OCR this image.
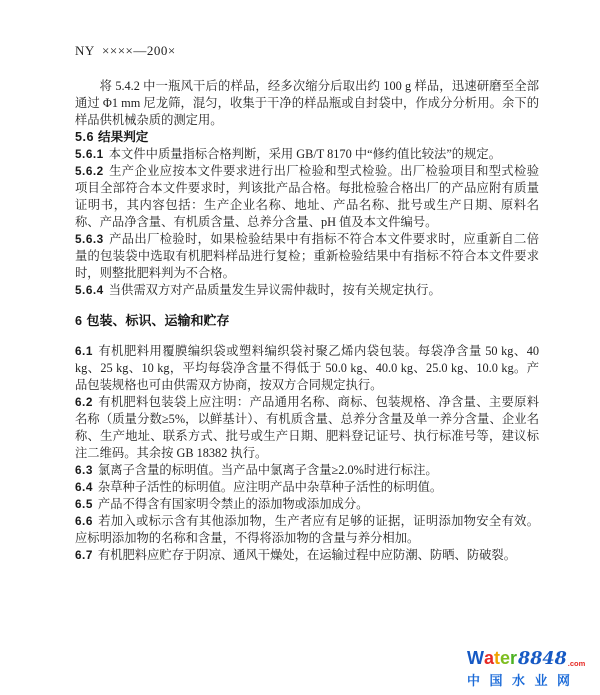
NY ××××—200×

将 5.4.2 中一瓶风干后的样品，经多次缩分后取出约 100 g 样品，迅速研磨至全部通过 Φ1 mm 尼龙筛，混匀，收集于干净的样品瓶或自封袋中，作成分分析用。余下的样品供机械杂质的测定用。

5.6 结果判定

5.6.1 本文件中质量指标合格判断，采用 GB/T 8170 中“修约值比较法”的规定。

5.6.2 生产企业应按本文件要求进行出厂检验和型式检验。出厂检验项目和型式检验项目全部符合本文件要求时，判该批产品合格。每批检验合格出厂的产品应附有质量证明书，其内容包括：生产企业名称、地址、产品名称、批号或生产日期、原料名称、产品净含量、有机质含量、总养分含量、pH 值及本文件编号。

5.6.3 产品出厂检验时，如果检验结果中有指标不符合本文件要求时，应重新自二倍量的包装袋中选取有机肥料样品进行复检；重新检验结果中有指标不符合本文件要求时，则整批肥料判为不合格。

5.6.4 当供需双方对产品质量发生异议需仲裁时，按有关规定执行。

6 包装、标识、运输和贮存

6.1 有机肥料用覆膜编织袋或塑料编织袋衬聚乙烯内袋包装。每袋净含量 50 kg、40 kg、25 kg、10 kg，平均每袋净含量不得低于 50.0 kg、40.0 kg、25.0 kg、10.0 kg。产品包装规格也可由供需双方协商，按双方合同规定执行。

6.2 有机肥料包装袋上应注明：产品通用名称、商标、包装规格、净含量、主要原料名称（质量分数≥5%，以鲜基计）、有机质含量、总养分含量及单一养分含量、企业名称、生产地址、联系方式、批号或生产日期、肥料登记证号、执行标准号等，建议标注二维码。其余按 GB 18382 执行。

6.3 氯离子含量的标明值。当产品中氯离子含量≥2.0%时进行标注。

6.4 杂草种子活性的标明值。应注明产品中杂草种子活性的标明值。

6.5 产品不得含有国家明令禁止的添加物或添加成分。

6.6 若加入或标示含有其他添加物，生产者应有足够的证据，证明添加物安全有效。应标明添加物的名称和含量，不得将添加物的含量与养分相加。

6.7 有机肥料应贮存于阴凉、通风干燥处，在运输过程中应防潮、防晒、防破裂。

Water8848.com
中国水业网
